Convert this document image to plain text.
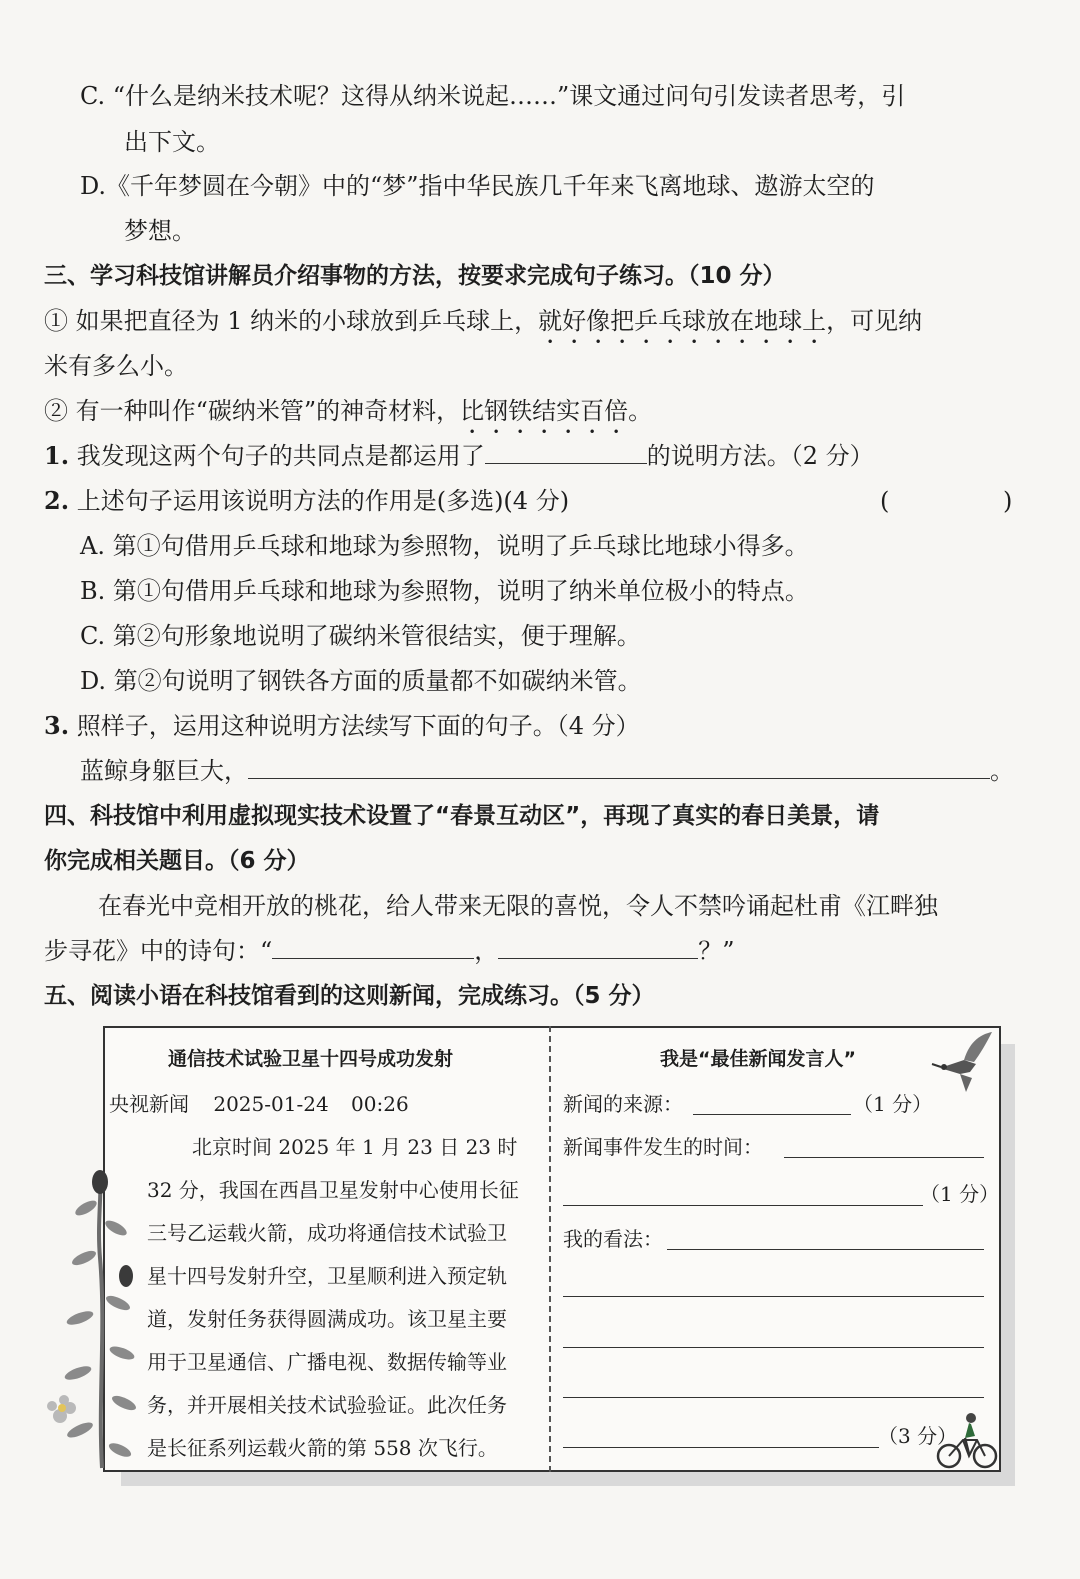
C. “什么是纳米技术呢？这得从纳米说起……”课文通过问句引发读者思考，引
出下文。
D.《千年梦圆在今朝》中的“梦”指中华民族几千年来飞离地球、遨游太空的
梦想。
三、学习科技馆讲解员介绍事物的方法，按要求完成句子练习。（10 分）
① 如果把直径为 1 纳米的小球放到乒乓球上，就好像把乒乓球放在地球上，可见纳
米有多么小。
② 有一种叫作“碳纳米管”的神奇材料，比钢铁结实百倍。
1. 我发现这两个句子的共同点是都运用了	的说明方法。（2 分）
2. 上述句子运用该说明方法的作用是(多选)(4 分)	(	)
A. 第①句借用乒乓球和地球为参照物，说明了乒乓球比地球小得多。
B. 第①句借用乒乓球和地球为参照物，说明了纳米单位极小的特点。
C. 第②句形象地说明了碳纳米管很结实，便于理解。
D. 第②句说明了钢铁各方面的质量都不如碳纳米管。
3. 照样子，运用这种说明方法续写下面的句子。（4 分）
蓝鲸身躯巨大，	。
四、科技馆中利用虚拟现实技术设置了“春景互动区”，再现了真实的春日美景，请
你完成相关题目。（6 分）
在春光中竞相开放的桃花，给人带来无限的喜悦，令人不禁吟诵起杜甫《江畔独
步寻花》中的诗句：“	，	？”
五、阅读小语在科技馆看到的这则新闻，完成练习。（5 分）
通信技术试验卫星十四号成功发射
央视新闻 2025-01-24 00:26
北京时间 2025 年 1 月 23 日 23 时
32 分，我国在西昌卫星发射中心使用长征
三号乙运载火箭，成功将通信技术试验卫
星十四号发射升空，卫星顺利进入预定轨
道，发射任务获得圆满成功。该卫星主要
用于卫星通信、广播电视、数据传输等业
务，并开展相关技术试验验证。此次任务
是长征系列运载火箭的第 558 次飞行。
我是“最佳新闻发言人”
新闻的来源：	（1 分）
新闻事件发生的时间：
（1 分）
我的看法：
（3 分）
